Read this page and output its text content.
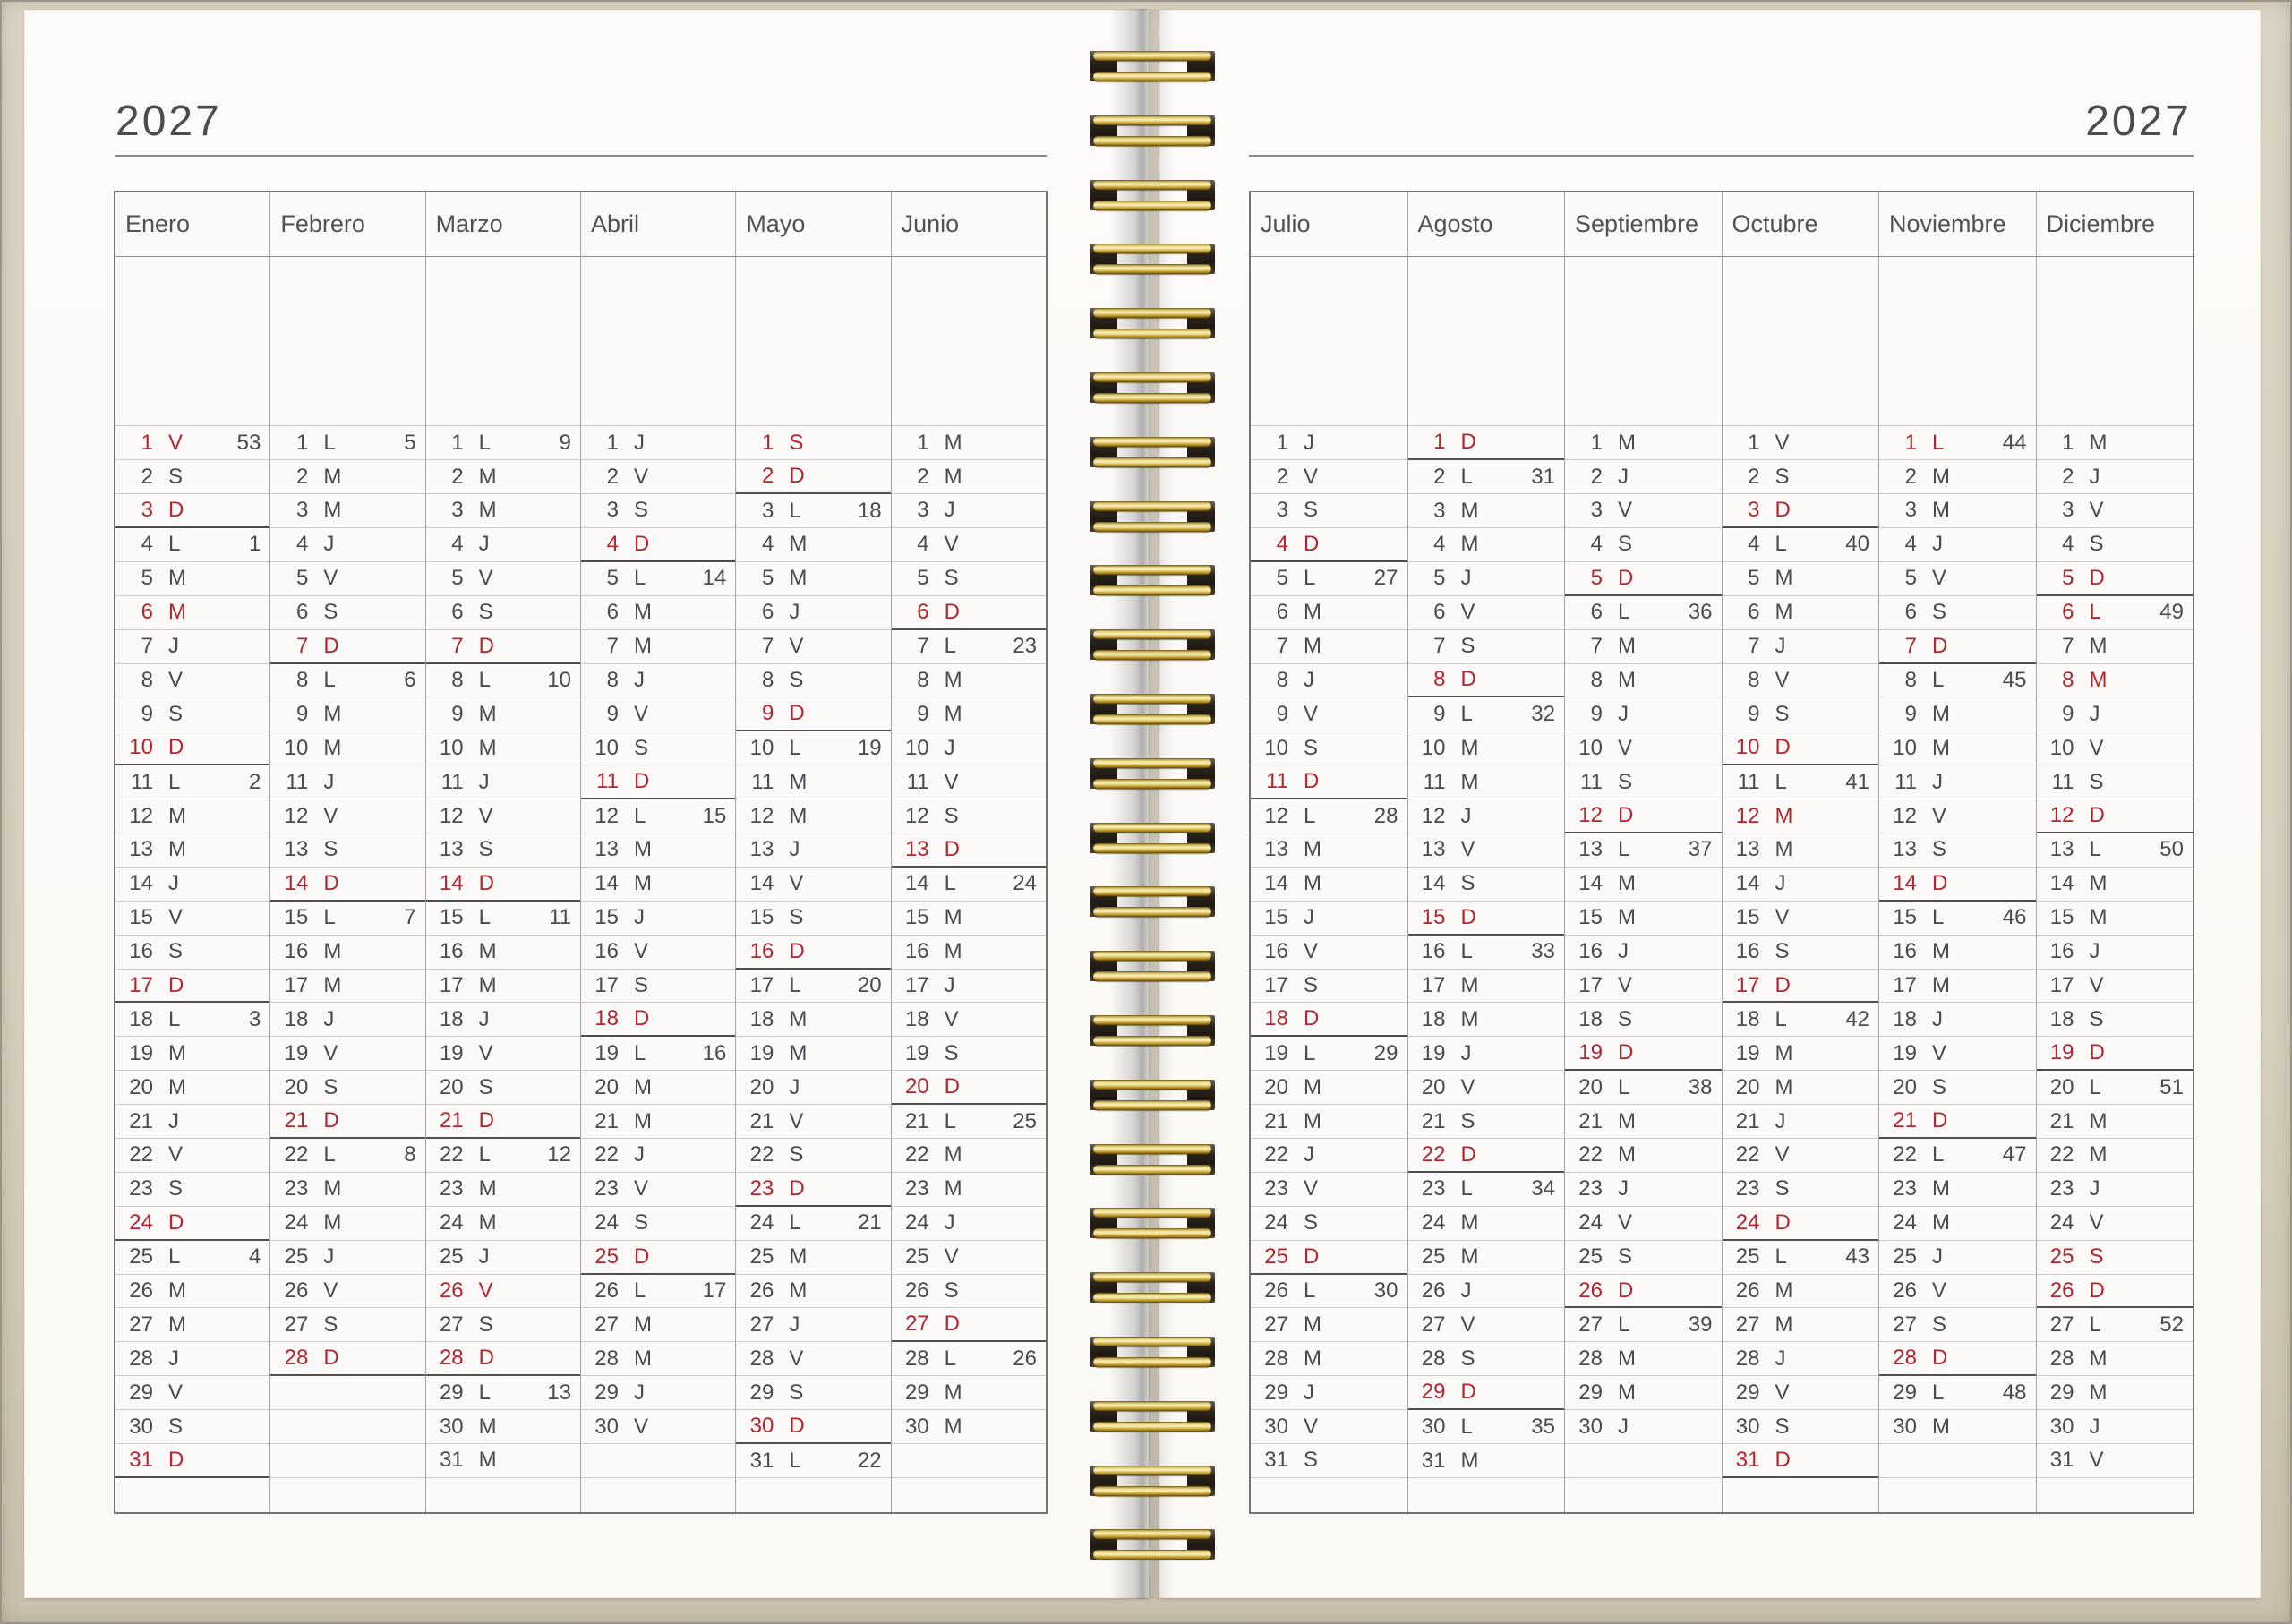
2027	2027
Enero
1 V	53
2 S
3 D
4 L	1
5 M
6 M
7 J
8 V
9 S
10 D
11 L	2
12 M
13 M
14 J
15 V
16 S
17 D
18 L	3
19 M
20 M
21 J
22 V
23 S
24 D
25 L	4
26 M
27 M
28 J
29 V
30 S
31 D
Febrero
1 L	5
2 M
3 M
4 J
5 V
6 S
7 D
8 L	6
9 M
10 M
11 J
12 V
13 S
14 D
15 L	7
16 M
17 M
18 J
19 V
20 S
21 D
22 L	8
23 M
24 M
25 J
26 V
27 S
28 D
Marzo
1 L	9
2 M
3 M
4 J
5 V
6 S
7 D
8 L	10
9 M
10 M
11 J
12 V
13 S
14 D
15 L	11
16 M
17 M
18 J
19 V
20 S
21 D
22 L	12
23 M
24 M
25 J
26 V
27 S
28 D
29 L	13
30 M
31 M
Abril
1 J
2 V
3 S
4 D
5 L	14
6 M
7 M
8 J
9 V
10 S
11 D
12 L	15
13 M
14 M
15 J
16 V
17 S
18 D
19 L	16
20 M
21 M
22 J
23 V
24 S
25 D
26 L	17
27 M
28 M
29 J
30 V
Mayo
1 S
2 D
3 L	18
4 M
5 M
6 J
7 V
8 S
9 D
10 L	19
11 M
12 M
13 J
14 V
15 S
16 D
17 L	20
18 M
19 M
20 J
21 V
22 S
23 D
24 L	21
25 M
26 M
27 J
28 V
29 S
30 D
31 L	22
Junio
1 M
2 M
3 J
4 V
5 S
6 D
7 L	23
8 M
9 M
10 J
11 V
12 S
13 D
14 L	24
15 M
16 M
17 J
18 V
19 S
20 D
21 L	25
22 M
23 M
24 J
25 V
26 S
27 D
28 L	26
29 M
30 M
Julio
1 J
2 V
3 S
4 D
5 L	27
6 M
7 M
8 J
9 V
10 S
11 D
12 L	28
13 M
14 M
15 J
16 V
17 S
18 D
19 L	29
20 M
21 M
22 J
23 V
24 S
25 D
26 L	30
27 M
28 M
29 J
30 V
31 S
Agosto
1 D
2 L	31
3 M
4 M
5 J
6 V
7 S
8 D
9 L	32
10 M
11 M
12 J
13 V
14 S
15 D
16 L	33
17 M
18 M
19 J
20 V
21 S
22 D
23 L	34
24 M
25 M
26 J
27 V
28 S
29 D
30 L	35
31 M
Septiembre
1 M
2 J
3 V
4 S
5 D
6 L	36
7 M
8 M
9 J
10 V
11 S
12 D
13 L	37
14 M
15 M
16 J
17 V
18 S
19 D
20 L	38
21 M
22 M
23 J
24 V
25 S
26 D
27 L	39
28 M
29 M
30 J
Octubre
1 V
2 S
3 D
4 L	40
5 M
6 M
7 J
8 V
9 S
10 D
11 L	41
12 M
13 M
14 J
15 V
16 S
17 D
18 L	42
19 M
20 M
21 J
22 V
23 S
24 D
25 L	43
26 M
27 M
28 J
29 V
30 S
31 D
Noviembre
1 L	44
2 M
3 M
4 J
5 V
6 S
7 D
8 L	45
9 M
10 M
11 J
12 V
13 S
14 D
15 L	46
16 M
17 M
18 J
19 V
20 S
21 D
22 L	47
23 M
24 M
25 J
26 V
27 S
28 D
29 L	48
30 M
Diciembre
1 M
2 J
3 V
4 S
5 D
6 L	49
7 M
8 M
9 J
10 V
11 S
12 D
13 L	50
14 M
15 M
16 J
17 V
18 S
19 D
20 L	51
21 M
22 M
23 J
24 V
25 S
26 D
27 L	52
28 M
29 M
30 J
31 V
